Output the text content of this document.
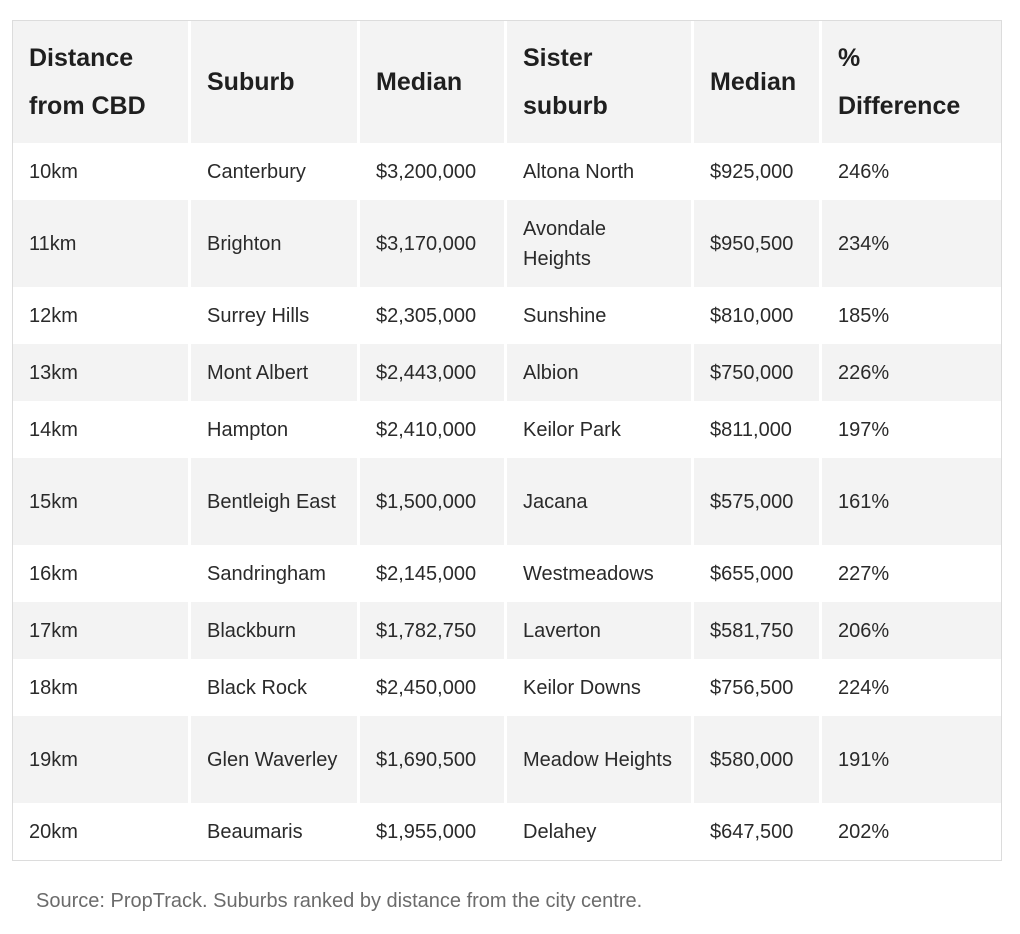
Distance from CBD	Suburb	Median	Sister suburb	Median	% Difference
10km	Canterbury	$3,200,000	Altona North	$925,000	246%
11km	Brighton	$3,170,000	Avondale Heights	$950,500	234%
12km	Surrey Hills	$2,305,000	Sunshine	$810,000	185%
13km	Mont Albert	$2,443,000	Albion	$750,000	226%
14km	Hampton	$2,410,000	Keilor Park	$811,000	197%
15km	Bentleigh East	$1,500,000	Jacana	$575,000	161%
16km	Sandringham	$2,145,000	Westmeadows	$655,000	227%
17km	Blackburn	$1,782,750	Laverton	$581,750	206%
18km	Black Rock	$2,450,000	Keilor Downs	$756,500	224%
19km	Glen Waverley	$1,690,500	Meadow Heights	$580,000	191%
20km	Beaumaris	$1,955,000	Delahey	$647,500	202%
Source: PropTrack. Suburbs ranked by distance from the city centre.
